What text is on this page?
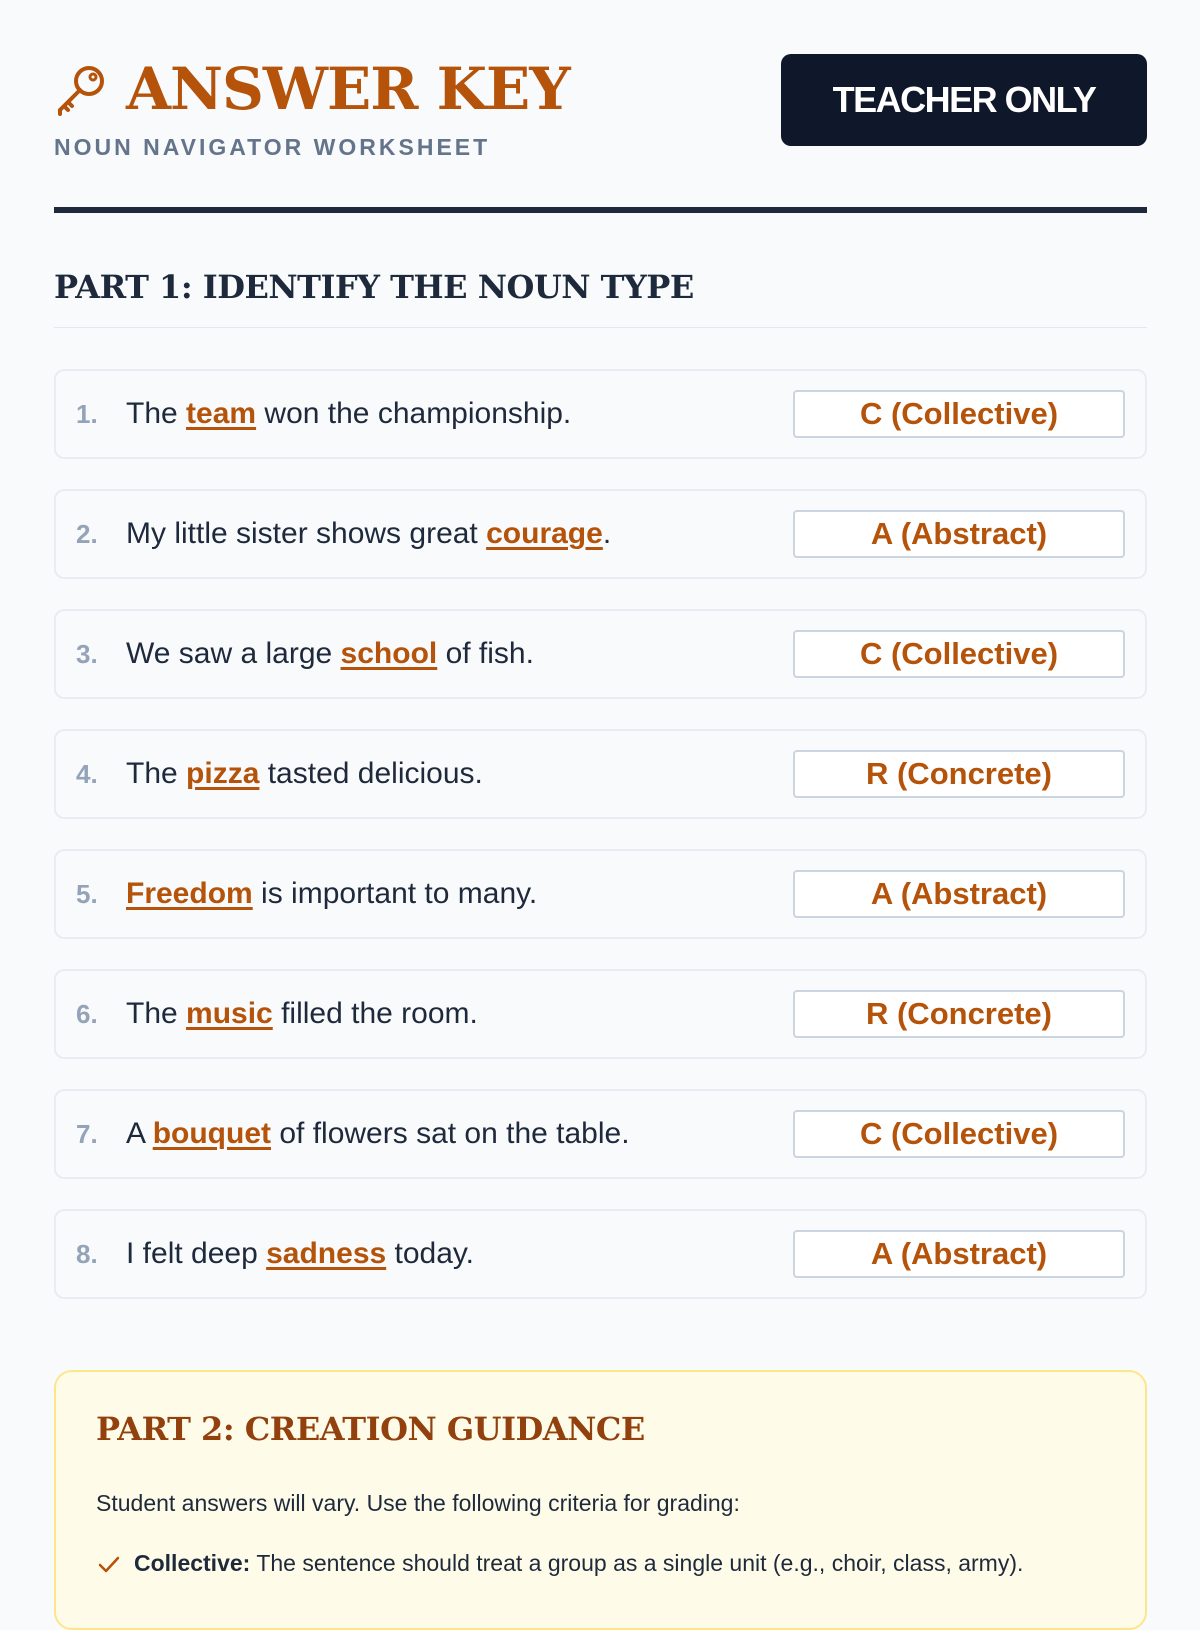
ANSWER KEY
NOUN NAVIGATOR WORKSHEET
TEACHER ONLY
PART 1: IDENTIFY THE NOUN TYPE
1. The team won the championship.	C (Collective)
2. My little sister shows great courage.	A (Abstract)
3. We saw a large school of fish.	C (Collective)
4. The pizza tasted delicious.	R (Concrete)
5. Freedom is important to many.	A (Abstract)
6. The music filled the room.	R (Concrete)
7. A bouquet of flowers sat on the table.	C (Collective)
8. I felt deep sadness today.	A (Abstract)
PART 2: CREATION GUIDANCE
Student answers will vary. Use the following criteria for grading:
Collective: The sentence should treat a group as a single unit (e.g., choir, class, army).
